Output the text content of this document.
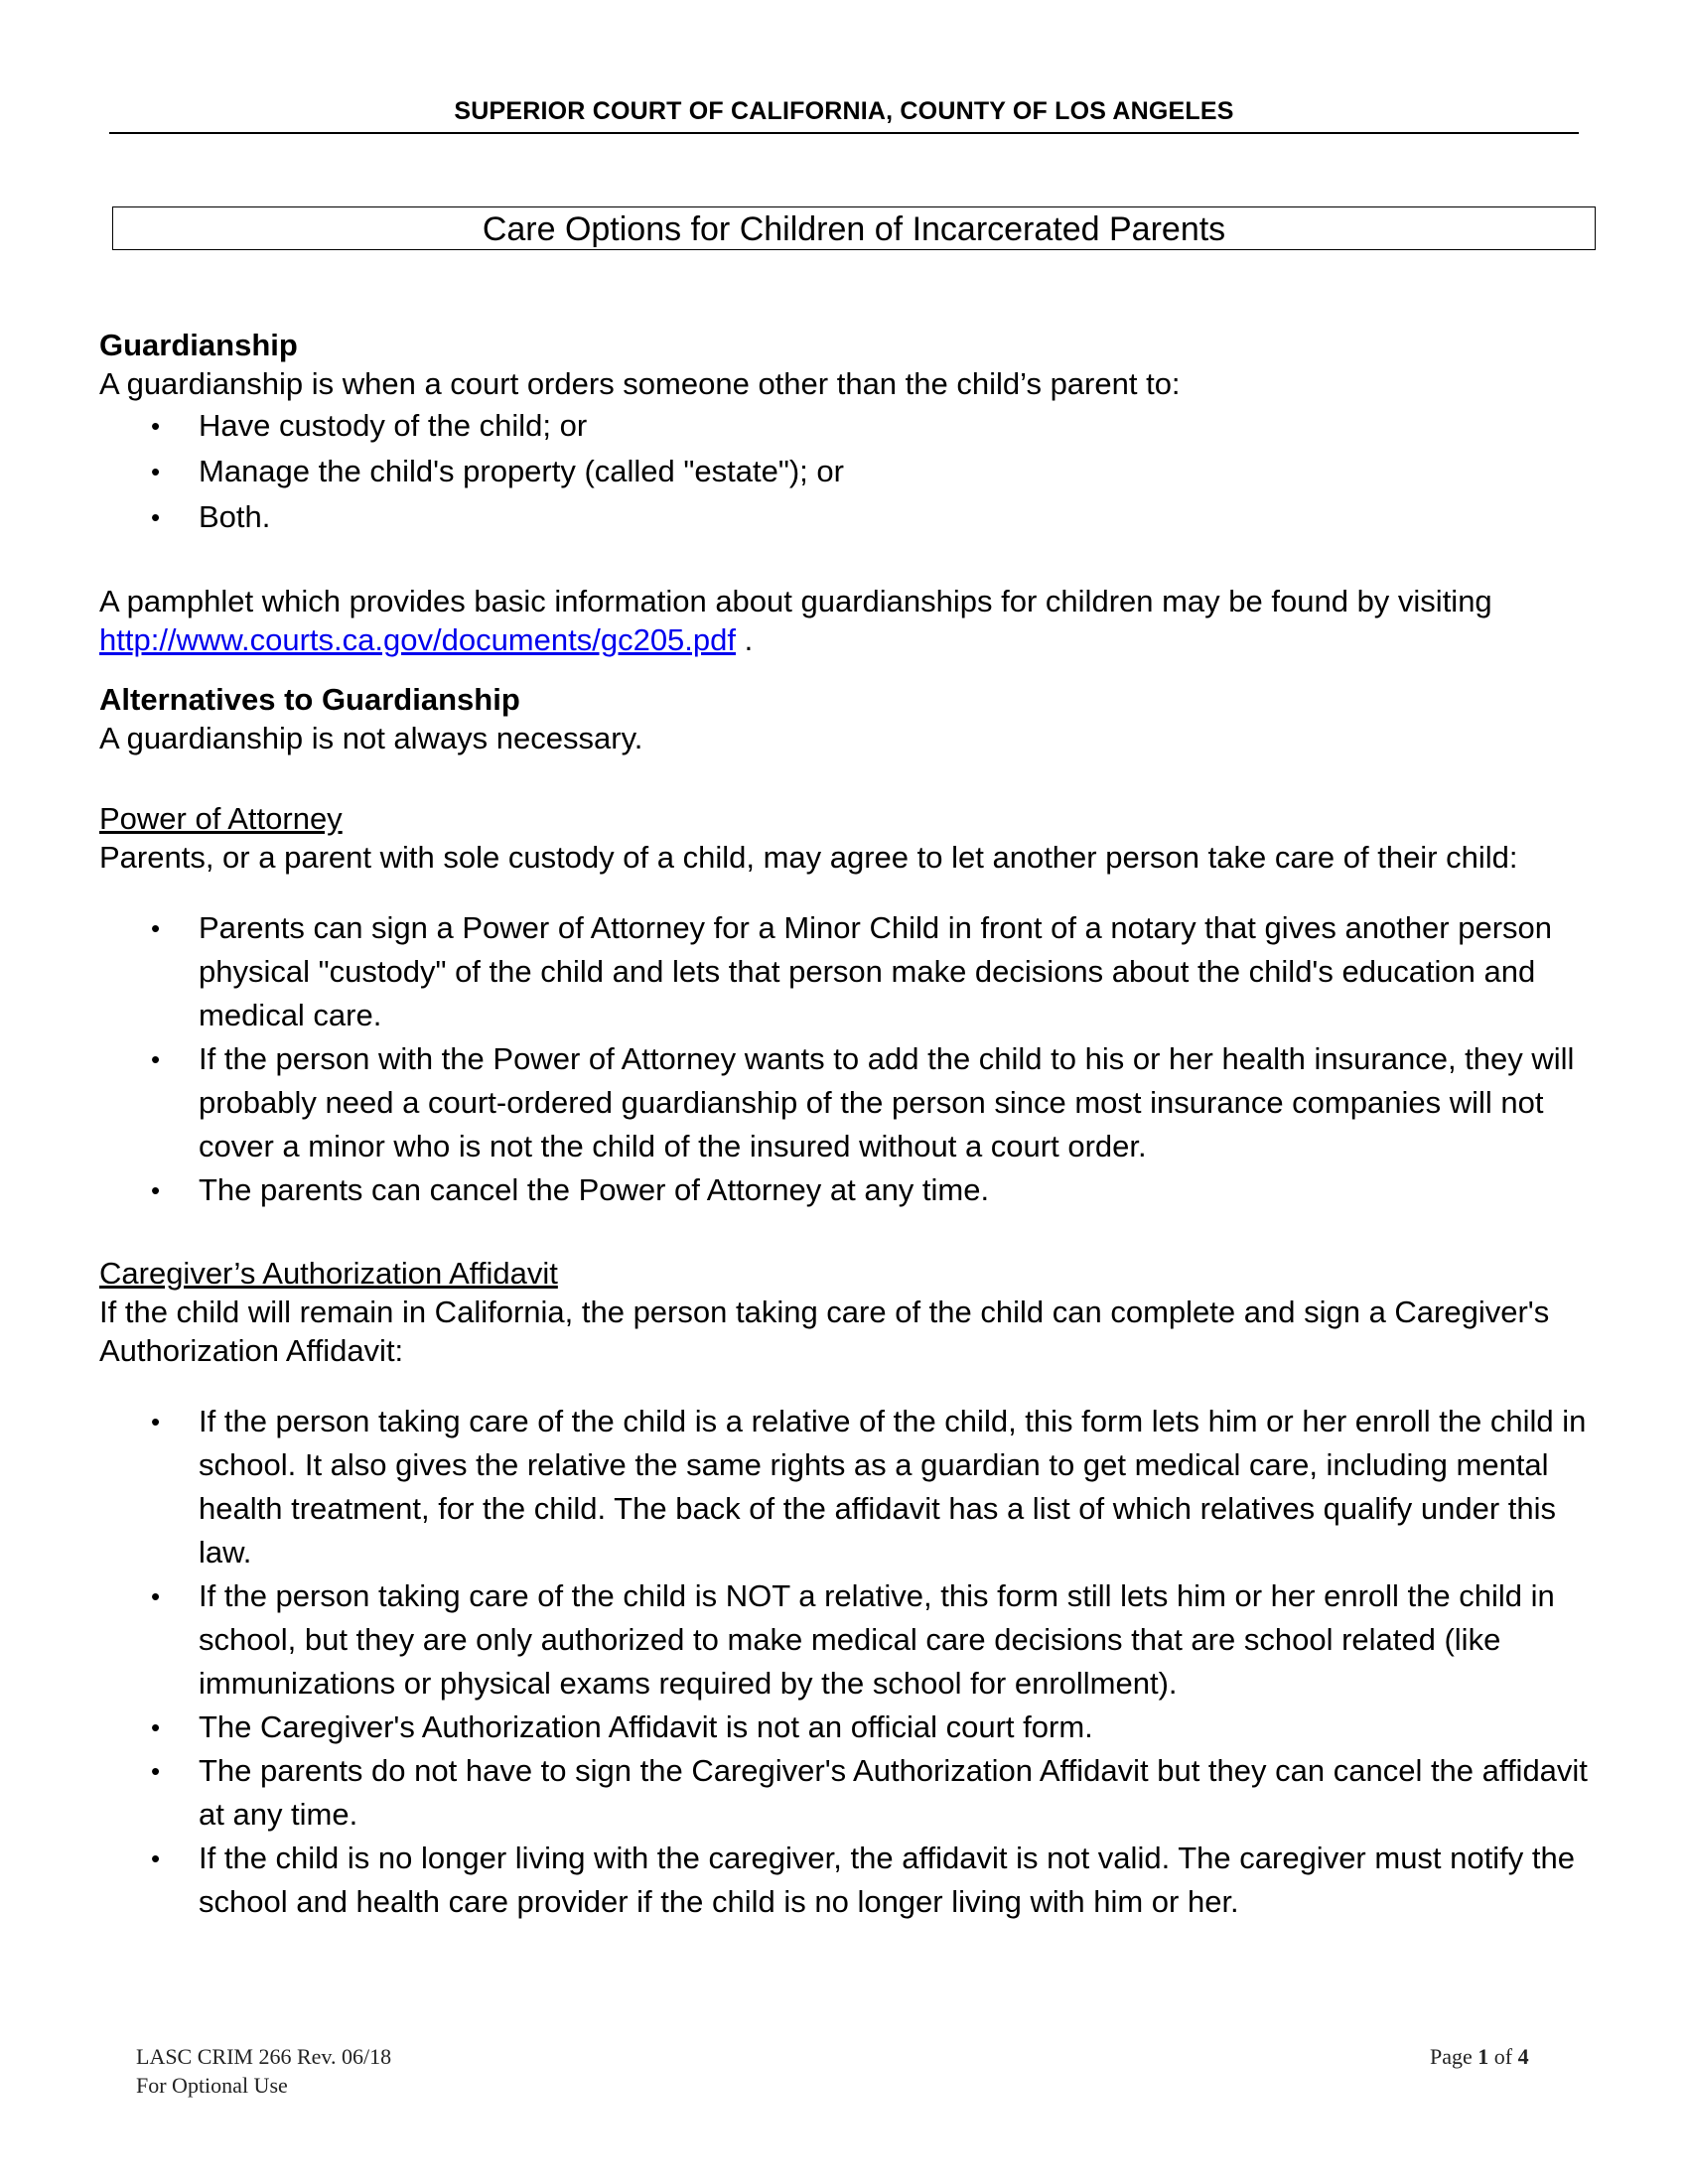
SUPERIOR COURT OF CALIFORNIA, COUNTY OF LOS ANGELES
Care Options for Children of Incarcerated Parents

Guardianship

A guardianship is when a court orders someone other than the child’s parent to:

• Have custody of the child; or
• Manage the child's property (called "estate"); or
• Both.

A pamphlet which provides basic information about guardianships for children may be found by visiting http://www.courts.ca.gov/documents/gc205.pdf .

Alternatives to Guardianship

A guardianship is not always necessary.

Power of Attorney

Parents, or a parent with sole custody of a child, may agree to let another person take care of their child:

• Parents can sign a Power of Attorney for a Minor Child in front of a notary that gives another person physical "custody" of the child and lets that person make decisions about the child's education and medical care.
• If the person with the Power of Attorney wants to add the child to his or her health insurance, they will probably need a court-ordered guardianship of the person since most insurance companies will not cover a minor who is not the child of the insured without a court order.
• The parents can cancel the Power of Attorney at any time.

Caregiver’s Authorization Affidavit

If the child will remain in California, the person taking care of the child can complete and sign a Caregiver's Authorization Affidavit:

• If the person taking care of the child is a relative of the child, this form lets him or her enroll the child in school. It also gives the relative the same rights as a guardian to get medical care, including mental health treatment, for the child. The back of the affidavit has a list of which relatives qualify under this law.
• If the person taking care of the child is NOT a relative, this form still lets him or her enroll the child in school, but they are only authorized to make medical care decisions that are school related (like immunizations or physical exams required by the school for enrollment).
• The Caregiver's Authorization Affidavit is not an official court form.
• The parents do not have to sign the Caregiver's Authorization Affidavit but they can cancel the affidavit at any time.
• If the child is no longer living with the caregiver, the affidavit is not valid. The caregiver must notify the school and health care provider if the child is no longer living with him or her.
LASC CRIM 266 Rev. 06/18
For Optional Use
Page 1 of 4
